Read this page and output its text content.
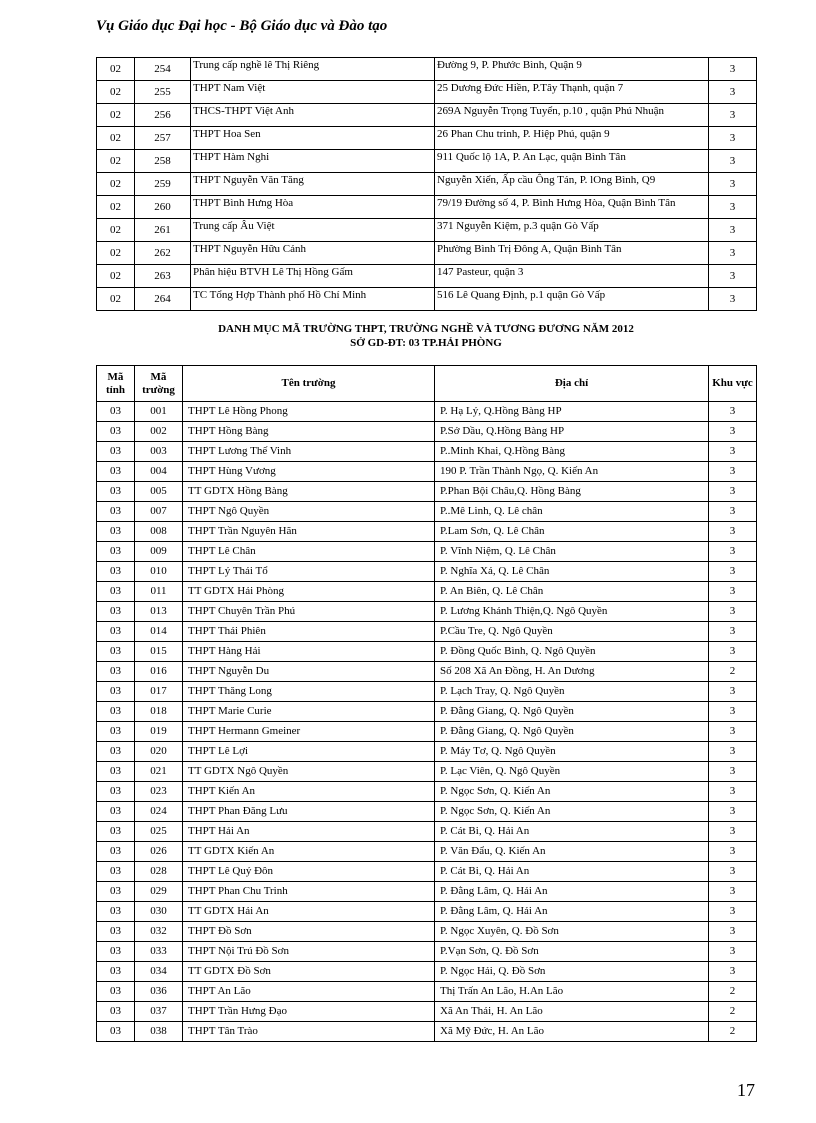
Vụ Giáo dục Đại học - Bộ Giáo dục và Đào tạo
02	254	Trung cấp nghề lê Thị Riêng	Đường 9, P. Phước Bình, Quận 9	3
02	255	THPT Nam Việt	25 Dương Đức Hiền, P.Tây Thạnh, quận 7	3
02	256	THCS-THPT Việt Anh	269A Nguyễn Trọng Tuyển, p.10 , quận Phú Nhuận	3
02	257	THPT Hoa Sen	26 Phan Chu trinh, P. Hiệp Phú, quận 9	3
02	258	THPT Hàm Nghi	911 Quốc lộ 1A, P. An Lạc, quận Bình Tân	3
02	259	THPT Nguyễn Văn Tăng	Nguyễn Xiển, Ấp cầu Ông Tán, P. lOng Bình, Q9	3
02	260	THPT Bình Hưng Hòa	79/19 Đường số 4, P. Bình Hưng Hòa, Quận Bình Tân	3
02	261	Trung cấp Âu Việt	371 Nguyễn Kiệm, p.3 quận Gò Vấp	3
02	262	THPT Nguyễn Hữu Cảnh	Phường Bình Trị Đông A, Quận Bình Tân	3
02	263	Phân hiệu BTVH Lê Thị Hồng Gấm	147 Pasteur, quận 3	3
02	264	TC Tổng Hợp Thành phố Hồ Chí Minh	516 Lê Quang Định, p.1 quận Gò Vấp	3
DANH MỤC MÃ TRƯỜNG THPT, TRƯỜNG NGHỀ VÀ TƯƠNG ĐƯƠNG NĂM 2012
SỞ GD-ĐT: 03 TP.HẢI PHÒNG
Mã tỉnh	Mã trường	Tên trường	Địa chỉ	Khu vực
03	001	THPT Lê Hồng Phong	P. Hạ Lý, Q.Hồng Bàng HP	3
03	002	THPT Hồng Bàng	P.Sở Dầu, Q.Hồng Bàng HP	3
03	003	THPT Lương Thế Vinh	P..Minh Khai, Q.Hồng Bàng	3
03	004	THPT Hùng Vương	190 P. Trần Thành Ngọ, Q. Kiến An	3
03	005	TT GDTX Hồng Bàng	P.Phan Bội Châu,Q. Hồng Bàng	3
03	007	THPT Ngô Quyền	P..Mê Linh, Q. Lê chân	3
03	008	THPT Trần Nguyên Hãn	P.Lam Sơn, Q. Lê Chân	3
03	009	THPT Lê Chân	P. Vĩnh Niệm, Q. Lê Chân	3
03	010	THPT Lý Thái Tổ	P. Nghĩa Xá, Q. Lê Chân	3
03	011	TT GDTX Hải Phòng	P. An Biên, Q. Lê Chân	3
03	013	THPT Chuyên Trần Phú	P. Lương Khánh Thiện,Q. Ngô Quyền	3
03	014	THPT Thái Phiên	P.Cầu Tre, Q. Ngô Quyền	3
03	015	THPT Hàng Hải	P. Đồng Quốc Bình, Q. Ngô Quyền	3
03	016	THPT Nguyễn Du	Số 208 Xã An Đồng, H. An Dương	2
03	017	THPT Thăng Long	P. Lạch Tray, Q. Ngô Quyền	3
03	018	THPT Marie Curie	P. Đằng Giang, Q. Ngô Quyền	3
03	019	THPT Hermann Gmeiner	P. Đằng Giang, Q. Ngô Quyền	3
03	020	THPT Lê Lợi	P. Máy Tơ, Q. Ngô Quyền	3
03	021	TT GDTX Ngô Quyền	P. Lạc Viên, Q. Ngô Quyền	3
03	023	THPT Kiến An	P. Ngọc Sơn, Q. Kiến An	3
03	024	THPT Phan Đăng Lưu	P. Ngọc Sơn, Q. Kiến An	3
03	025	THPT Hải An	P. Cát Bi, Q. Hải An	3
03	026	TT GDTX Kiến An	P. Văn Đẩu, Q. Kiến An	3
03	028	THPT Lê Quý Đôn	P. Cát Bi, Q. Hải An	3
03	029	THPT Phan Chu Trinh	P. Đằng Lâm, Q. Hải An	3
03	030	TT GDTX Hải An	P. Đằng Lâm, Q. Hải An	3
03	032	THPT Đồ Sơn	P. Ngọc Xuyên, Q. Đồ Sơn	3
03	033	THPT Nội Trú Đồ Sơn	P.Vạn Sơn, Q. Đồ Sơn	3
03	034	TT GDTX Đồ Sơn	P. Ngọc Hải, Q. Đồ Sơn	3
03	036	THPT An Lão	Thị Trấn An Lão, H.An Lão	2
03	037	THPT Trần Hưng Đạo	Xã An Thái, H. An Lão	2
03	038	THPT Tân Trào	Xã Mỹ Đức, H. An Lão	2
17
